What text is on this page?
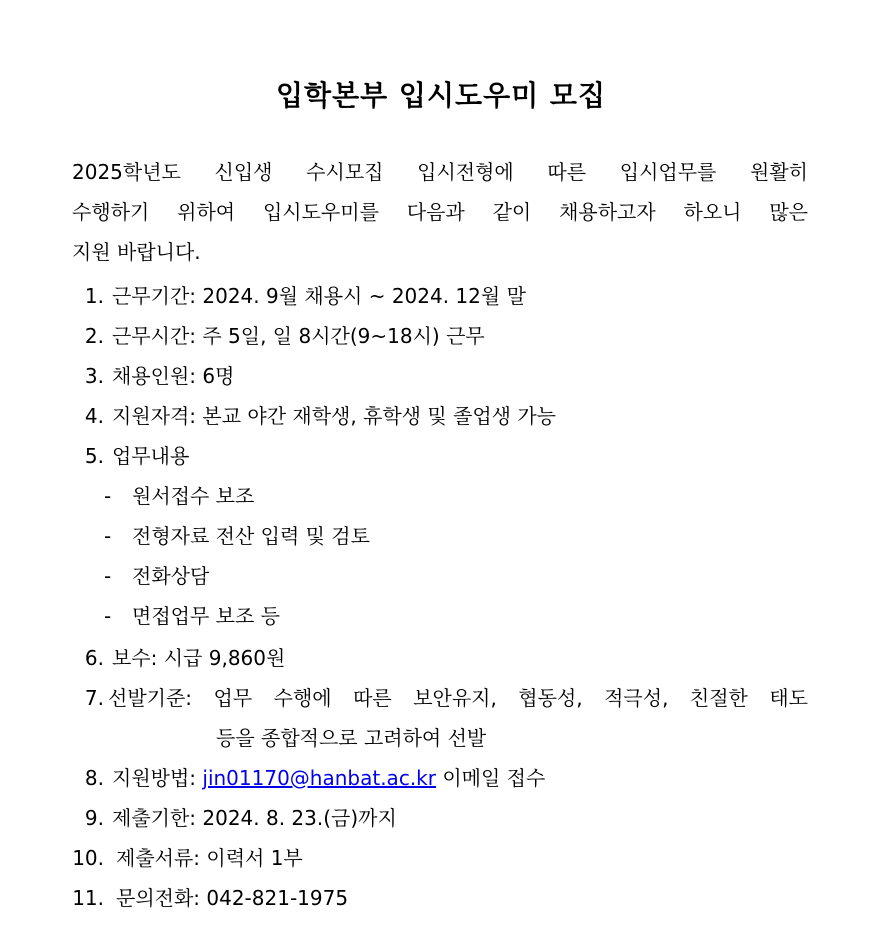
입학본부 입시도우미 모집
2025학년도 신입생 수시모집 입시전형에 따른 입시업무를 원활히
수행하기 위하여 입시도우미를 다음과 같이 채용하고자 하오니 많은
지원 바랍니다.
1. 근무기간: 2024. 9월 채용시 ~ 2024. 12월 말
2. 근무시간: 주 5일, 일 8시간(9~18시) 근무
3. 채용인원: 6명
4. 지원자격: 본교 야간 재학생, 휴학생 및 졸업생 가능
5. 업무내용
- 원서접수 보조
- 전형자료 전산 입력 및 검토
- 전화상담
- 면접업무 보조 등
6. 보수: 시급 9,860원
7. 선발기준: 업무 수행에 따른 보안유지, 협동성, 적극성, 친절한 태도
등을 종합적으로 고려하여 선발
8. 지원방법: jin01170@hanbat.ac.kr 이메일 접수
9. 제출기한: 2024. 8. 23.(금)까지
10. 제출서류: 이력서 1부
11. 문의전화: 042-821-1975
